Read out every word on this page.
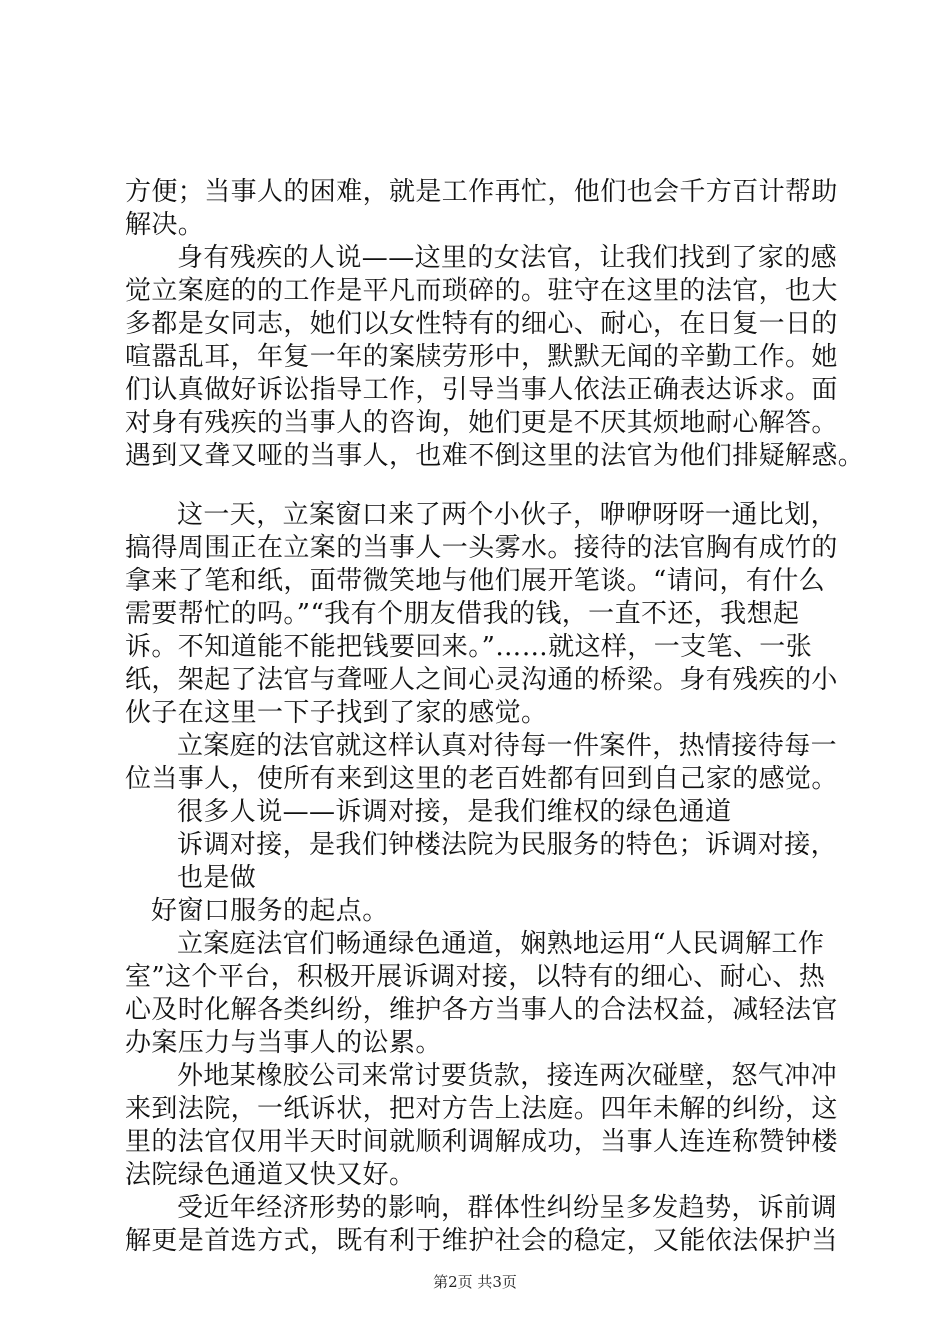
方便；当事人的困难，就是工作再忙，他们也会千方百计帮助
解决。
身有残疾的人说——这里的女法官，让我们找到了家的感
觉立案庭的的工作是平凡而琐碎的。驻守在这里的法官，也大
多都是女同志，她们以女性特有的细心、耐心，在日复一日的
喧嚣乱耳，年复一年的案牍劳形中，默默无闻的辛勤工作。她
们认真做好诉讼指导工作，引导当事人依法正确表达诉求。面
对身有残疾的当事人的咨询，她们更是不厌其烦地耐心解答。
遇到又聋又哑的当事人，也难不倒这里的法官为他们排疑解惑。
这一天，立案窗口来了两个小伙子，咿咿呀呀一通比划，
搞得周围正在立案的当事人一头雾水。接待的法官胸有成竹的
拿来了笔和纸，面带微笑地与他们展开笔谈。“请问，有什么
需要帮忙的吗。”“我有个朋友借我的钱，一直不还，我想起
诉。不知道能不能把钱要回来。”……就这样，一支笔、一张
纸，架起了法官与聋哑人之间心灵沟通的桥梁。身有残疾的小
伙子在这里一下子找到了家的感觉。
立案庭的法官就这样认真对待每一件案件，热情接待每一
位当事人，使所有来到这里的老百姓都有回到自己家的感觉。
很多人说——诉调对接，是我们维权的绿色通道
诉调对接，是我们钟楼法院为民服务的特色；诉调对接，
也是做
好窗口服务的起点。
立案庭法官们畅通绿色通道，娴熟地运用“人民调解工作
室”这个平台，积极开展诉调对接，以特有的细心、耐心、热
心及时化解各类纠纷，维护各方当事人的合法权益，减轻法官
办案压力与当事人的讼累。
外地某橡胶公司来常讨要货款，接连两次碰壁，怒气冲冲
来到法院，一纸诉状，把对方告上法庭。四年未解的纠纷，这
里的法官仅用半天时间就顺利调解成功，当事人连连称赞钟楼
法院绿色通道又快又好。
受近年经济形势的影响，群体性纠纷呈多发趋势，诉前调
解更是首选方式，既有利于维护社会的稳定，又能依法保护当
第2页 共3页
